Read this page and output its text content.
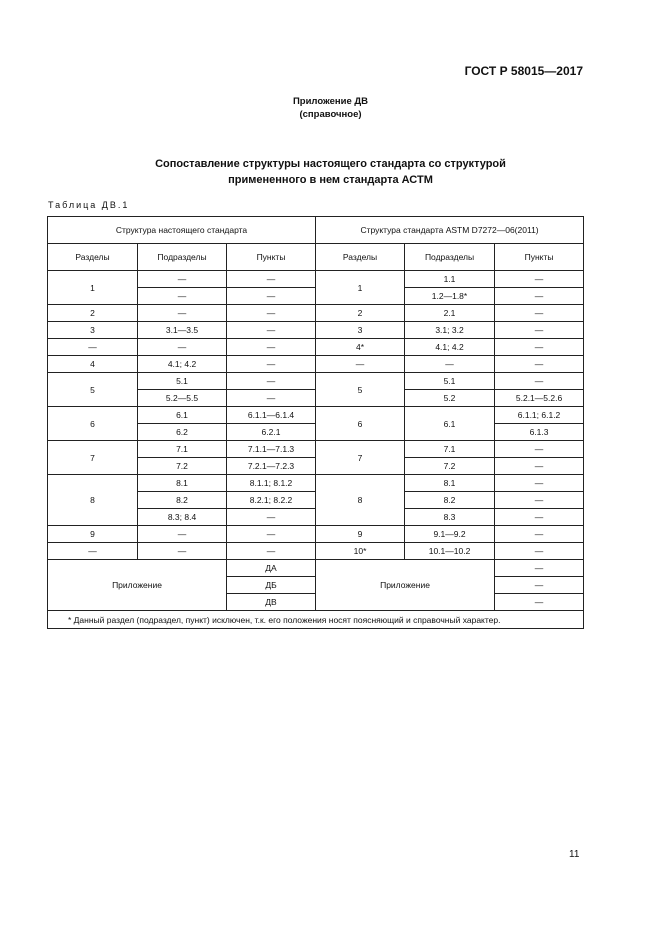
ГОСТ Р 58015—2017
Приложение ДВ
(справочное)
Сопоставление структуры настоящего стандарта со структурой
примененного в нем стандарта АСТМ
Таблица ДВ.1
Структура настоящего стандарта			Структура стандарта ASTM D7272—06(2011)		
Разделы	Подразделы	Пункты	Разделы	Подразделы	Пункты
1	—	—	1	1.1	—
	—	—		1.2—1.8*	—
2	—	—	2	2.1	—
3	3.1—3.5	—	3	3.1; 3.2	—
—	—	—	4*	4.1; 4.2	—
4	4.1; 4.2	—	—	—	—
5	5.1	—	5	5.1	—
	5.2—5.5	—		5.2	5.2.1—5.2.6
6	6.1	6.1.1—6.1.4	6	6.1	6.1.1; 6.1.2
	6.2	6.2.1			6.1.3
7	7.1	7.1.1—7.1.3	7	7.1	—
	7.2	7.2.1—7.2.3		7.2	—
8	8.1	8.1.1; 8.1.2	8	8.1	—
	8.2	8.2.1; 8.2.2		8.2	—
	8.3; 8.4	—		8.3	—
9	—	—	9	9.1—9.2	—
—	—	—	10*	10.1—10.2	—
Приложение		ДА	Приложение		—
		ДБ			—
		ДВ			—
* Данный раздел (подраздел, пункт) исключен, т.к. его положения носят поясняющий и справочный характер.					
11
